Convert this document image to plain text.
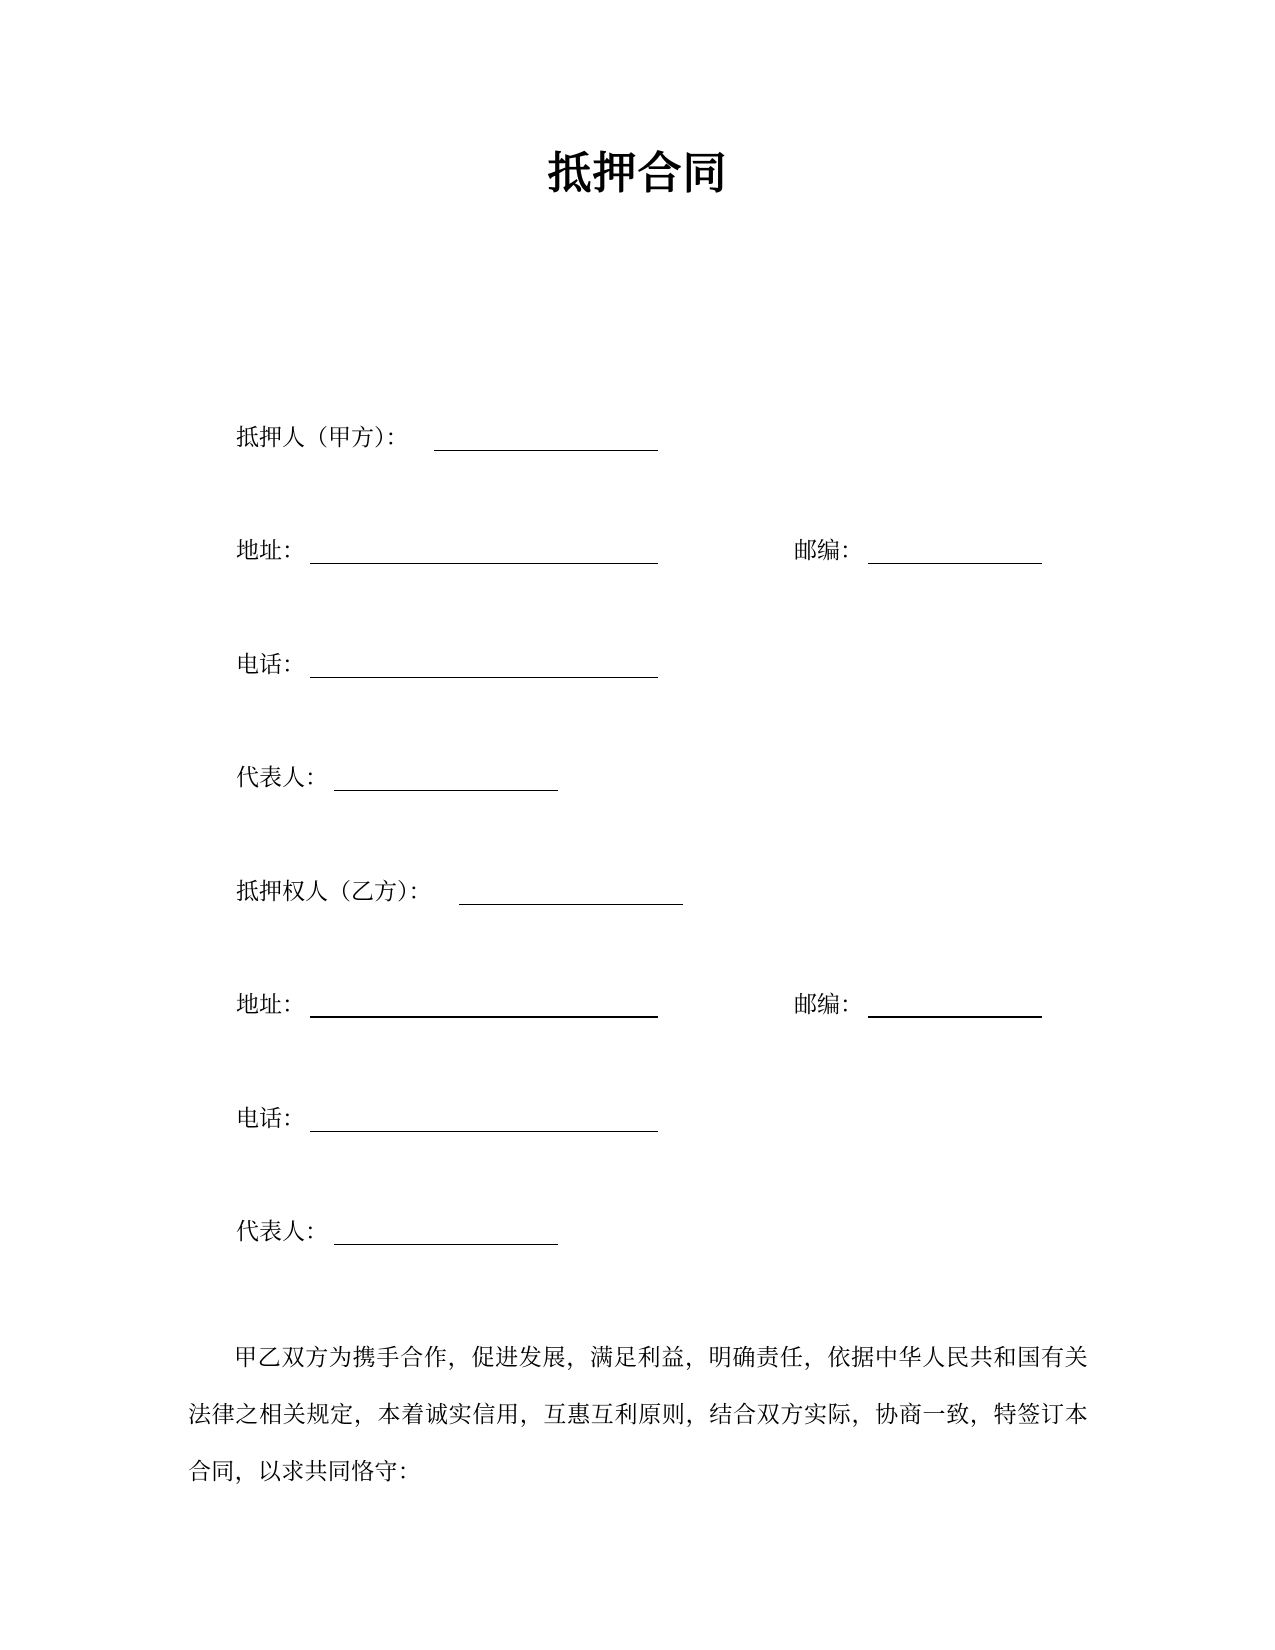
抵押合同
抵押人（甲方）：
地址：	邮编：
电话：
代表人：
抵押权人（乙方）：
地址：	邮编：
电话：
代表人：

甲乙双方为携手合作，促进发展，满足利益，明确责任，依据中华人民共和国有关法律之相关规定，本着诚实信用，互惠互利原则，结合双方实际，协商一致，特签订本合同，以求共同恪守：
